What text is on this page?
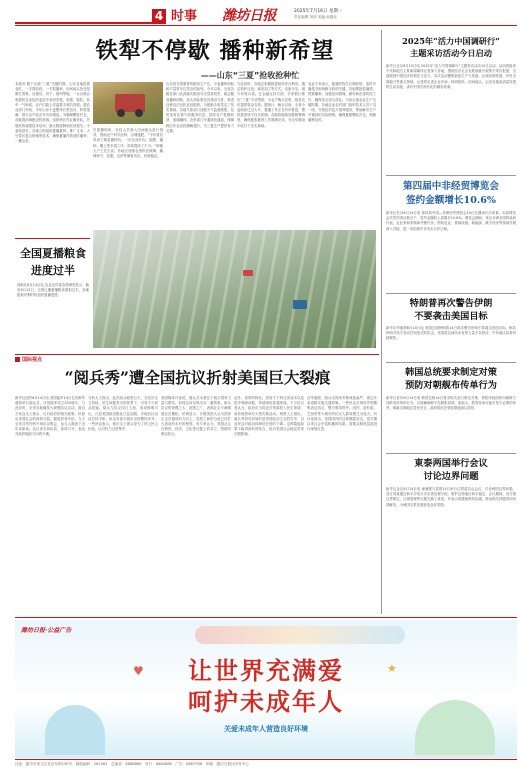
4 时事 潍坊日报	2025年7月16日 星期一
责任编辑 刘萍 美编 孙继业
铁犁不停歇 播种新希望
——山东“三夏”抢收抢种忙
本报讯 眼下正值“三夏”关键时期，山东各地抢抓农时，一手抓收获，一手抓播种，田间地头处处是繁忙景象。在潍坊、济宁、德州等地，一台台联合收割机在金色的麦浪中来回穿梭，收割、脱粒、装车一气呵成，农户们脸上洋溢着丰收的喜悦。据农业部门介绍，今年山东小麦整体长势良好，籽粒饱满，预计亩产较去年有所增加。为确保颗粒归仓，各地提前调配农机资源，组织跨区作业服务队，开展机收减损技术培训，最大限度降低收获损失。小麦收获后，各地立即组织夏播夏种，推广玉米、大豆带状复合种植等技术，确保夏播作物适时播种、一播全苗。
在夏播现场，农技人员深入田间地头进行指导，帮助农户科学选种、合理施肥。“今年我们采用了精量播种机，一次完成开沟、施肥、播种、覆土等多道工序，效率提高了不少。”种粮大户王先生说。各地还加强农资供应保障，确保种子、化肥、农药等储备充足、价格稳定。
山东是全国重要的粮食主产区，小麦播种面积和产量常年位居全国前列。今年以来，全省各级各部门认真落实粮食安全党政同责，稳定粮食播种面积，加大高标准农田建设力度，推进良种良法良机良田配套，为夏粮丰收奠定了坚实基础。各地气象部门加强天气监测预报，及时发布农事气象服务信息，指导农户抢晴收获、适墒播种。农机部门开通绿色通道，保障跨区作业农机顺畅通行，为三夏生产提供有力支撑。
与此同时，各地还积极推进秸秆综合利用，通过秸秆还田、离田加工等方式，变废为宝，减少环境污染。在金融支持方面，多家银行推出“三夏”专项贷款，为农户购买农资、租赁农机提供资金支持。据统计，截至目前，全省小麦收获已过大半，夏播工作正在有序推进，整体进度快于往年同期。各地将继续加强统筹调度，确保夏收夏种工作圆满完成，为全年粮食丰收打下坚实基础。
农业专家表示，夏播作物生长期较短，适时早播是夺取秋粮丰收的关键。各地要抢抓墒情，抓紧播种，加强田间管理，做好病虫害防控工作，确保苗全苗匀苗壮。当前正值农业生产关键时期，各地农业农村部门组织技术人员下沉一线，开展包村包片指导服务，帮助解决生产中遇到的实际困难，确保夏粮颗粒归仓、秋粮播种及时。
全国夏播粮食进度过半
国新社6月13日电 农业农村部农情调度显示，截至6月12日，全国已播夏播粮食面积过半，各地抢抓有利时机加快夏播进度。
国际视点
“阅兵秀”遭全国抗议折射美国巨大裂痕
新华社纽约6月14日电 美国陆军14日在首都华盛顿举行阅兵式，庆祝陆军成立250周年。与此同时，全美各地爆发大规模抗议活动，数百万民众走上街头，反对政府的相关政策，折射出美国社会的深刻分裂。据组织者介绍，当天全美共有约两千场抗议集会，参与人数创下近年来新高。抗议者手持标语，高呼口号，表达对政府施政方向的不满。
分析人士指出，此次阅兵耗资巨大，在经济压力持续、民生问题突出的背景下，引发不少民众质疑。阅兵与抗议同日上演，形成鲜明对比，凸显美国政治极化日益加剧。多地抗议活动总体平和，但也有部分城市出现警民冲突。一些民众表示，他们走上街头是为了捍卫民主价值，反对权力过度集中。
美国媒体评论说，阅兵式本意在于展示国家力量与团结，但现实却呈现出另一番景象。街头抗议的规模之大、范围之广，表明社会不满情绪正在累积。民调显示，多数美国人认为国家正走在错误的方向上，党派之间的分歧已经扩大到前所未有的程度。有专家认为，美国社会在移民、经济、文化等议题上的对立，短期内难以弥合。
此外，高昂的物价、居高不下的住房成本以及医疗保障问题，持续困扰普通家庭。不少抗议者认为，政府应当将更多资源投入民生领域，而非耗资举办大型庆典活动。观察人士指出，阅兵秀背后折射的是美国政治生态的失序，以及民众对政治体制信任度的下降。这种裂痕如果不能得到有效弥合，将对美国社会稳定带来长期影响。
在华盛顿，阅兵式现场安保戒备森严，周边多条道路实施交通管制。一些民众在现场外围聚集表达抗议，警方维持秩序。纽约、洛杉矶、芝加哥等大城市的抗议人群规模尤为庞大。有评论指出，美国国内的这种撕裂状态，是长期以来社会矛盾积累的结果，需要从制度层面进行深刻反思。
2025年“活力中国调研行”
主题采访活动今日启动
新华社北京6月15日电 2025年“活力中国调研行”主题采访活动15日启动。活动将组织中央和地方主要新闻媒体记者深入各地，围绕经济社会发展成就开展集中采访报道，全面展现中国经济的韧性与活力。本次活动聚焦新质生产力发展、区域协调发展、乡村全面振兴等重点领域，记者将走进企业车间、科研院所、田间地头，记录各地高质量发展的生动实践，讲好中国式现代化的精彩故事。
第四届中非经贸博览会
签约金额增长10.6%
新华社长沙6月14日电 第四届中国—非洲经贸博览会14日在湖南长沙闭幕。本届博览会共签约项目数百个，签约金额较上届增长10.6%。博览会期间，来自非洲多国的政府代表、企业家和采购商齐聚长沙，围绕农业、基础设施、新能源、数字经济等领域开展深入对接，进一步拓展中非务实合作空间。
特朗普再次警告伊朗
不要袭击美国目标
新华社华盛顿6月14日电 美国总统特朗普14日再次警告伊朗不要袭击美国目标，称若伊朗对美方发动任何形式的攻击，美国将以前所未有的力量予以回应。中东地区局势持续紧张。
韩国总统要求制定对策
预防对朝舰布传单行为
新华社首尔6月14日电 韩国总统14日要求相关部门制定对策，预防民间团体向朝鲜方向散发传单的行为，以缓解朝鲜半岛紧张局势。他表示，散发传单可能引发不必要的冲突，威胁边境地区居民安全，政府将依法采取措施加以管控。
東泰两国举行会议
讨论边界问题
新华社金边6月14日电 東埔寨与泰国14日举行边界委员会会议，讨论两国边界问题。双方同意通过和平对话方式妥善处理分歧，维护边境地区和平稳定。会议期间，双方就边界勘定、边境管理等议题交换了意见，并表示将继续保持沟通，推动相关问题得到妥善解决，为两国关系发展营造良好氛围。
潍坊日报·公益广告
让世界充满爱
呵护未成年人
关爱未成年人营造良好环境
♥	★
社址：潍坊市奎文区北宫东街130号　邮政编码：261061　总编室：8886866　发行：8884686　广告：8887938　印刷：潍坊日报社印务中心
